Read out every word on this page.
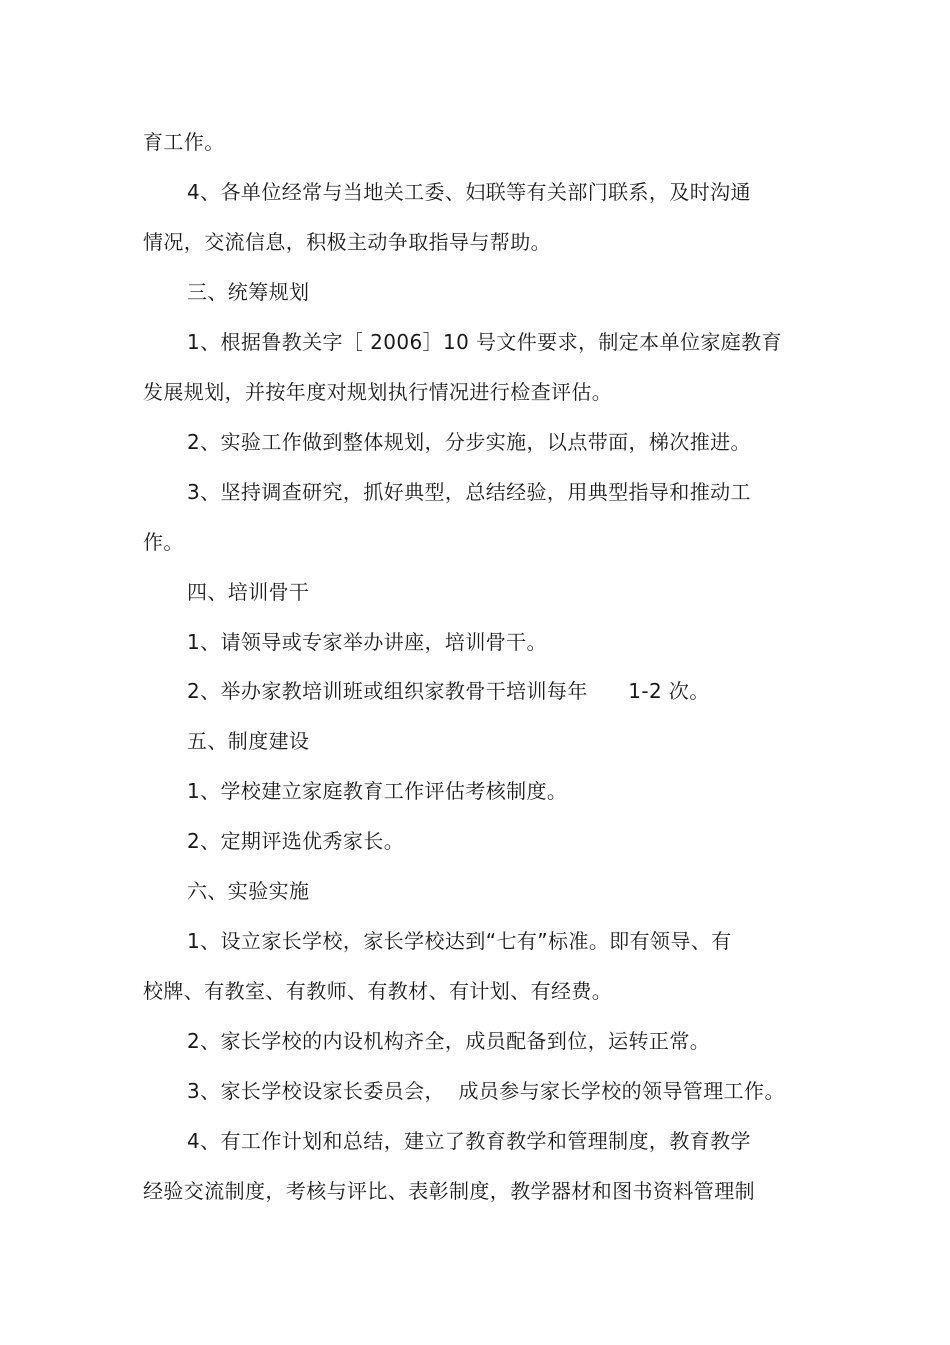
育工作。
4、各单位经常与当地关工委、妇联等有关部门联系，及时沟通
情况，交流信息，积极主动争取指导与帮助。
三、统筹规划
1、根据鲁教关字［ 2006］10 号文件要求，制定本单位家庭教育
发展规划，并按年度对规划执行情况进行检查评估。
2、实验工作做到整体规划，分步实施，以点带面，梯次推进。
3、坚持调查研究，抓好典型，总结经验，用典型指导和推动工
作。
四、培训骨干
1、请领导或专家举办讲座，培训骨干。
2、举办家教培训班或组织家教骨干培训每年      1-2 次。
五、制度建设
1、学校建立家庭教育工作评估考核制度。
2、定期评选优秀家长。
六、实验实施
1、设立家长学校，家长学校达到“七有”标准。即有领导、有
校牌、有教室、有教师、有教材、有计划、有经费。
2、家长学校的内设机构齐全，成员配备到位，运转正常。
3、家长学校设家长委员会，  成员参与家长学校的领导管理工作。
4、有工作计划和总结，建立了教育教学和管理制度，教育教学
经验交流制度，考核与评比、表彰制度，教学器材和图书资料管理制
